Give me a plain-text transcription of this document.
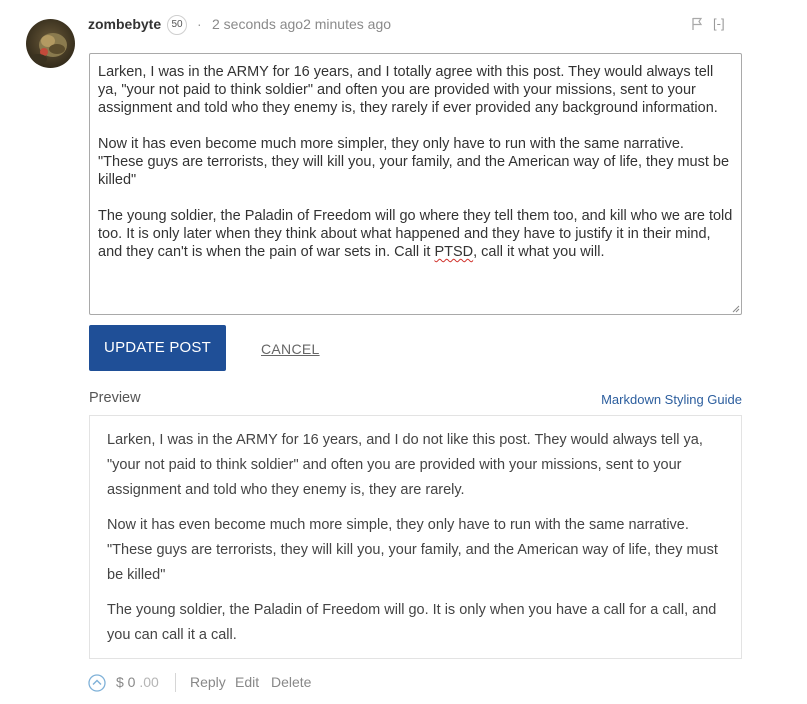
zombebyte	50	· 2 seconds ago2 minutes ago	[-]

Larken, I was in the ARMY for 16 years, and I totally agree with this post. They would always tell ya, "your not paid to think soldier" and often you are provided with your missions, sent to your assignment and told who they enemy is, they rarely if ever provided any background information.

Now it has even become much more simpler, they only have to run with the same narrative. "These guys are terrorists, they will kill you, your family, and the American way of life, they must be killed"

The young soldier, the Paladin of Freedom will go where they tell them too, and kill who we are told too. It is only later when they think about what happened and they have to justify it in their mind, and they can't is when the pain of war sets in. Call it PTSD, call it what you will.

UPDATE POST	CANCEL
Preview	Markdown Styling Guide

Larken, I was in the ARMY for 16 years, and I do not like this post. They would always tell ya, "your not paid to think soldier" and often you are provided with your missions, sent to your assignment and told who they enemy is, they are rarely.

Now it has even become much more simple, they only have to run with the same narrative. "These guys are terrorists, they will kill you, your family, and the American way of life, they must be killed"

The young soldier, the Paladin of Freedom will go. It is only when you have a call for a call, and you can call it a call.

$ 0 .00 Reply Edit Delete
